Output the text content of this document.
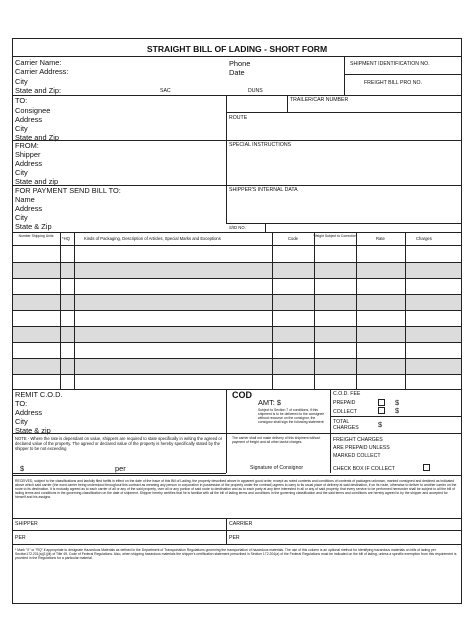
STRAIGHT BILL OF LADING - SHORT FORM
Carrier Name:
Carrier Address:
City
State and Zip:	SAC	DUNS
Phone
Date
SHIPMENT IDENTIFICATION NO.
FREIGHT BILL PRO NO.
TO:
Consignee
Address
City
State and Zip
TRAILER/CAR NUMBER
ROUTE
FROM:
Shipper
Address
City
State and zip
SPECIAL INSTRUCTIONS
FOR PAYMENT SEND BILL TO:
Name
Address
City
State & Zip
SHIPPER'S INTERNAL DATA
S/ID NO.
Number Shipping Units	*HQ	Kinds of Packaging, Description of Articles, Special Marks and Exceptions	Code	Weight Subject to Correction	Rate	Charges
REMIT C.O.D.
TO:
Address
City
State & zip
COD
AMT: $
Subject to Section 7 of conditions, if this shipment is to be delivered to the consignee without recourse on the consignor, the consignor shall sign the following statement:
C.O.D. FEE
PREPAID	$
COLLECT	$
TOTAL CHARGES	$
NOTE - Where the rate is dependant on value, shippers are required to state specifically in writing the agreed or declared value of the property. The agreed or declared value of the property is hereby specifically stated by the shipper to be not exceeding
$	per
The carrier shall not make delivery of this shipment without payment of freight and all other lawful charges.
Signature of Consignor
FREIGHT CHARGES
ARE PREPAID UNLESS
MARKED COLLECT
CHECK BOX IF COLLECT
RECEIVED, subject to the classifications and lawfully filed tariffs in effect on the date of the issue of this Bill of Lading, the property described above in apparent good order, except as noted contents and conditions of contents of packages unknown, marked consigned and destined as indicated above which said carrier (the word carrier being understood throughout this contract as meaning any person or corporation in possession of the property under the contract) agrees to carry to its usual place of delivery at said destination, if on its route, otherwise to deliver to another carrier on the route to its destination. It is mutually agreed as to each carrier of all or any of the said property, over all or any portion of said route to destination and as to each party at any time interested in all or any of said property, that every service to be performed hereunder shall be subject to all the bill of lading terms and conditions in the governing classification on the date of shipment. Shipper hereby certifies that he is familiar with all the bill of lading terms and conditions in the governing classification and the said terms and conditions are hereby agreed to by the shipper and accepted for himself and his assigns.
SHIPPER	CARRIER
PER	PER
* Mark "X" or "RQ" if appropriate to designate Hazardous Materials as defined in the Department of Transportation Regulations governing the transportation of hazardous materials. The use of this column is an optional method for identifying hazardous materials on bills of lading per Section172.201(a)(1)(iii) of Title 49, Code of Federal Regulations. Also, when shipping hazardous materials the shipper's certification statement prescribed in Section 172.204(a) of the Federal Regulations must be indicated on the bill of lading, unless a specific exemption from this requirement is provided in the Regulations for a particular material.
